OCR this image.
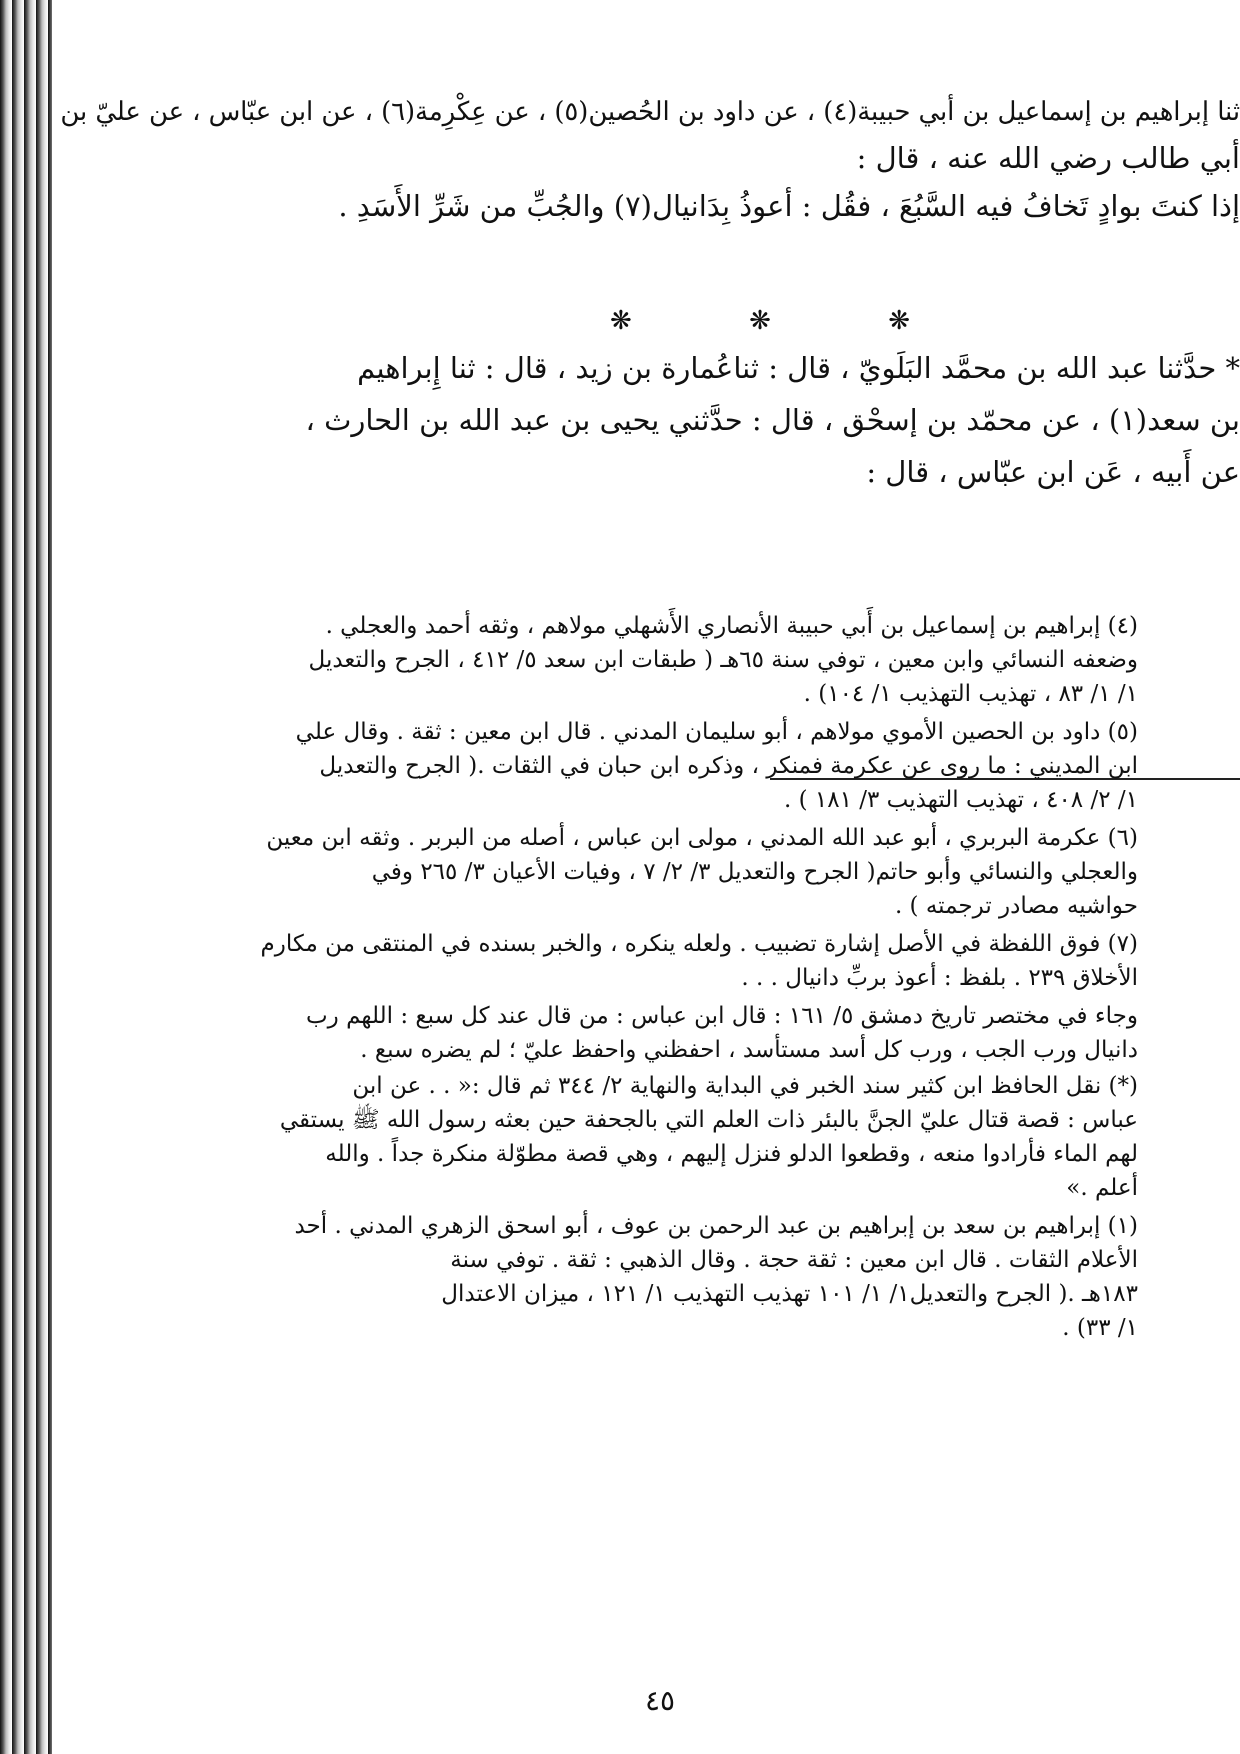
ثنا إبراهيم بن إسماعيل بن أبي حبيبة(٤) ، عن داود بن الحُصين(٥) ، عن عِكْرِمة(٦) ، عن ابن عبّاس ، عن عليّ بن
أبي طالب رضي الله عنه ، قال :
إذا كنتَ بوادٍ تَخافُ فيه السَّبُعَ ، فقُل : أعوذُ بِدَانيال(٧) والجُبِّ من شَرِّ الأَسَدِ .
* حدَّثنا عبد الله بن محمَّد البَلَويّ ، قال : ثناعُمارة بن زيد ، قال : ثنا إِبراهيم
بن سعد(١) ، عن محمّد بن إسحْق ، قال : حدَّثني يحيى بن عبد الله بن الحارث ،
عن أَبيه ، عَن ابن عبّاس ، قال :
❋	❋	❋
(٤) إبراهيم بن إسماعيل بن أَبي حبيبة الأنصاري الأَشهلي مولاهم ، وثقه أحمد والعجلي .
وضعفه النسائي وابن معين ، توفي سنة ٦٥هـ ( طبقات ابن سعد ٥/ ٤١٢ ، الجرح والتعديل
١/ ١/ ٨٣ ، تهذيب التهذيب ١/ ١٠٤) .
(٥) داود بن الحصين الأموي مولاهم ، أبو سليمان المدني . قال ابن معين : ثقة . وقال علي
ابن المديني : ما روى عن عكرمة فمنكر ، وذكره ابن حبان في الثقات .( الجرح والتعديل
١/ ٢/ ٤٠٨ ، تهذيب التهذيب ٣/ ١٨١ ) .
(٦) عكرمة البربري ، أبو عبد الله المدني ، مولى ابن عباس ، أصله من البربر . وثقه ابن معين
والعجلي والنسائي وأبو حاتم( الجرح والتعديل ٣/ ٢/ ٧ ، وفيات الأعيان ٣/ ٢٦٥ وفي
حواشيه مصادر ترجمته ) .
(٧) فوق اللفظة في الأصل إشارة تضبيب . ولعله ينكره ، والخبر بسنده في المنتقى من مكارم
الأخلاق ٢٣٩ . بلفظ : أعوذ بربِّ دانيال . . .
وجاء في مختصر تاريخ دمشق ٥/ ١٦١ : قال ابن عباس : من قال عند كل سبع : اللهم رب
دانيال ورب الجب ، ورب كل أسد مستأسد ، احفظني واحفظ عليّ ؛ لم يضره سبع .
(*) نقل الحافظ ابن كثير سند الخبر في البداية والنهاية ٢/ ٣٤٤ ثم قال :« . . عن ابن
عباس : قصة قتال عليّ الجنَّ بالبئر ذات العلم التي بالجحفة حين بعثه رسول الله ﷺ يستقي
لهم الماء فأرادوا منعه ، وقطعوا الدلو فنزل إليهم ، وهي قصة مطوّلة منكرة جداً . والله
أعلم .»
(١) إبراهيم بن سعد بن إبراهيم بن عبد الرحمن بن عوف ، أبو اسحق الزهري المدني . أحد
الأعلام الثقات . قال ابن معين : ثقة حجة . وقال الذهبي : ثقة . توفي سنة
١٨٣هـ .( الجرح والتعديل١/ ١/ ١٠١ تهذيب التهذيب ١/ ١٢١ ، ميزان الاعتدال
١/ ٣٣) .
٤٥
